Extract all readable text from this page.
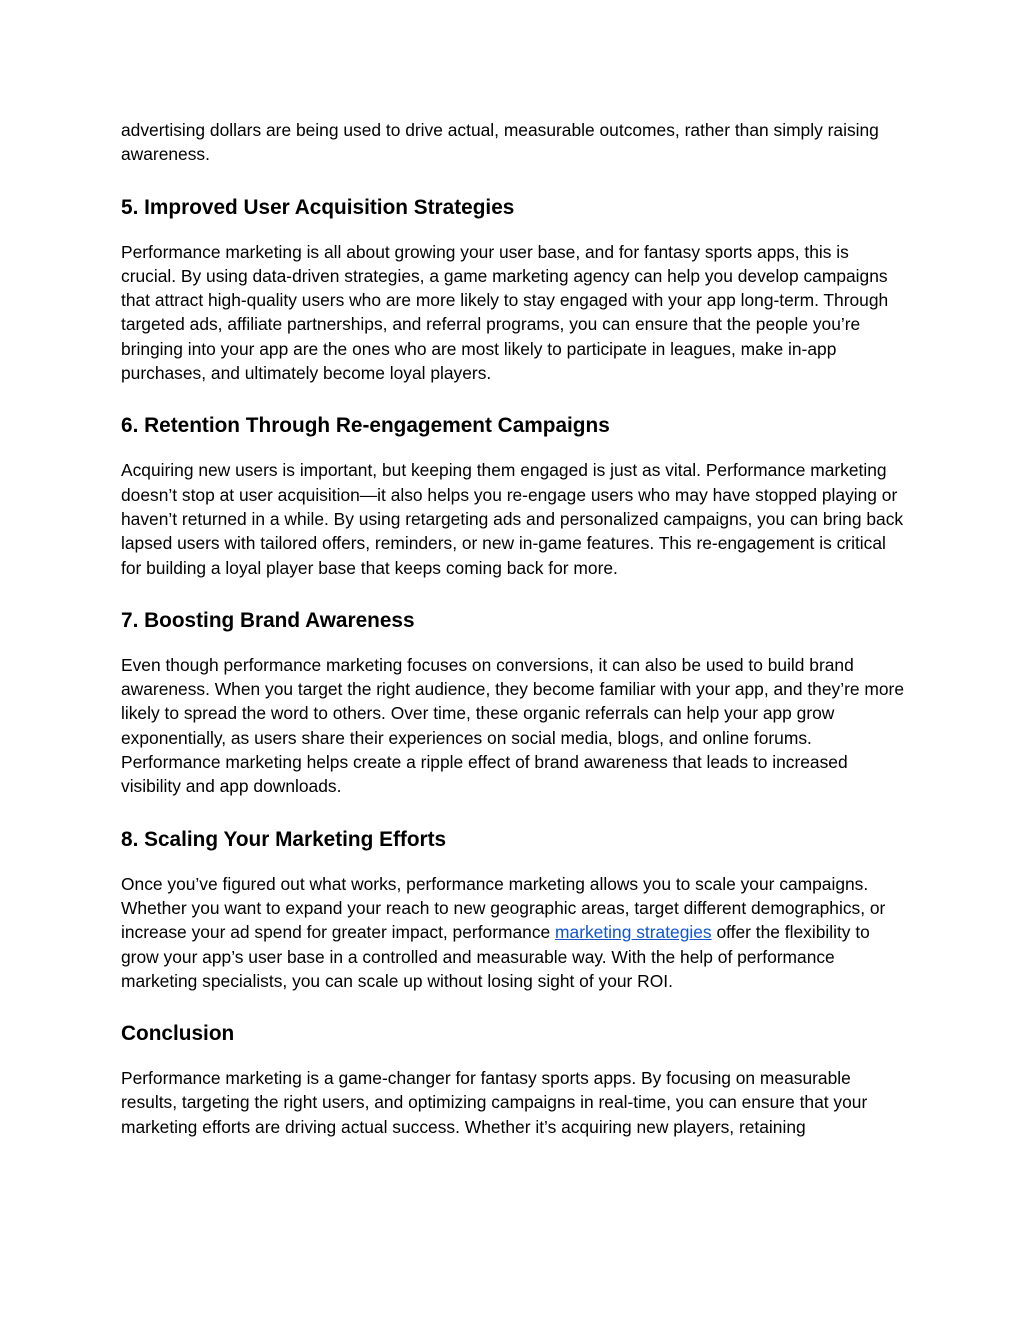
advertising dollars are being used to drive actual, measurable outcomes, rather than simply raising awareness.

5. Improved User Acquisition Strategies

Performance marketing is all about growing your user base, and for fantasy sports apps, this is crucial. By using data-driven strategies, a game marketing agency can help you develop campaigns that attract high-quality users who are more likely to stay engaged with your app long-term. Through targeted ads, affiliate partnerships, and referral programs, you can ensure that the people you’re bringing into your app are the ones who are most likely to participate in leagues, make in-app purchases, and ultimately become loyal players.

6. Retention Through Re-engagement Campaigns

Acquiring new users is important, but keeping them engaged is just as vital. Performance marketing doesn’t stop at user acquisition—it also helps you re-engage users who may have stopped playing or haven’t returned in a while. By using retargeting ads and personalized campaigns, you can bring back lapsed users with tailored offers, reminders, or new in-game features. This re-engagement is critical for building a loyal player base that keeps coming back for more.

7. Boosting Brand Awareness

Even though performance marketing focuses on conversions, it can also be used to build brand awareness. When you target the right audience, they become familiar with your app, and they’re more likely to spread the word to others. Over time, these organic referrals can help your app grow exponentially, as users share their experiences on social media, blogs, and online forums. Performance marketing helps create a ripple effect of brand awareness that leads to increased visibility and app downloads.

8. Scaling Your Marketing Efforts

Once you’ve figured out what works, performance marketing allows you to scale your campaigns. Whether you want to expand your reach to new geographic areas, target different demographics, or increase your ad spend for greater impact, performance marketing strategies offer the flexibility to grow your app’s user base in a controlled and measurable way. With the help of performance marketing specialists, you can scale up without losing sight of your ROI.

Conclusion

Performance marketing is a game-changer for fantasy sports apps. By focusing on measurable results, targeting the right users, and optimizing campaigns in real-time, you can ensure that your marketing efforts are driving actual success. Whether it’s acquiring new players, retaining
